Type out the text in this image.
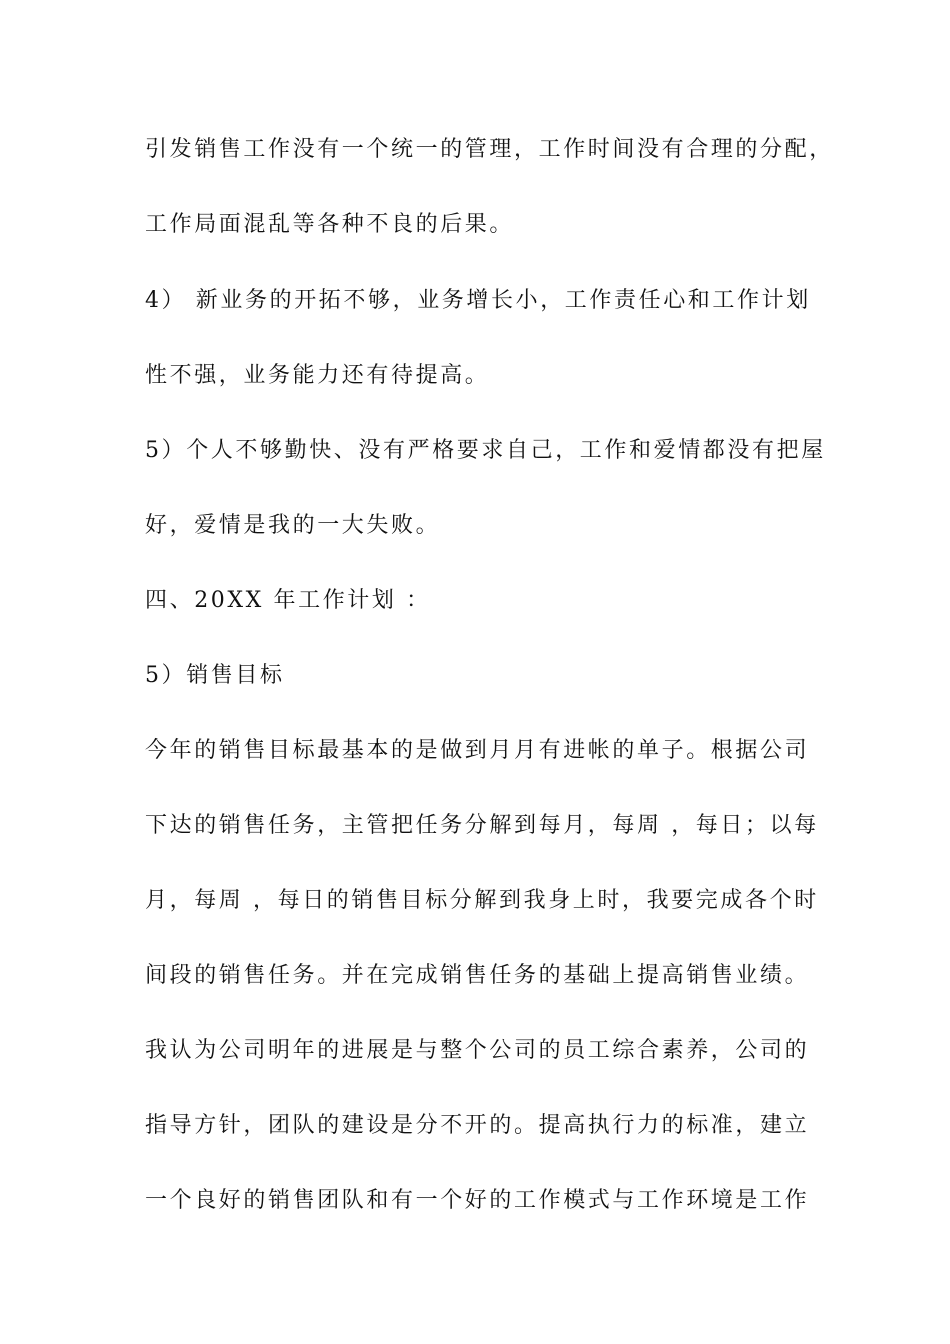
引发销售工作没有一个统一的管理，工作时间没有合理的分配，
工作局面混乱等各种不良的后果。
4） 新业务的开拓不够，业务增长小，工作责任心和工作计划
性不强，业务能力还有待提高。
5）个人不够勤快、没有严格要求自己，工作和爱情都没有把屋
好，爱情是我的一大失败。
四、20XX 年工作计划 ：
5）销售目标
今年的销售目标最基本的是做到月月有进帐的单子。根据公司
下达的销售任务，主管把任务分解到每月，每周 ，每日；以每
月，每周 ，每日的销售目标分解到我身上时，我要完成各个时
间段的销售任务。并在完成销售任务的基础上提高销售业绩。
我认为公司明年的进展是与整个公司的员工综合素养，公司的
指导方针，团队的建设是分不开的。提高执行力的标准，建立
一个良好的销售团队和有一个好的工作模式与工作环境是工作
